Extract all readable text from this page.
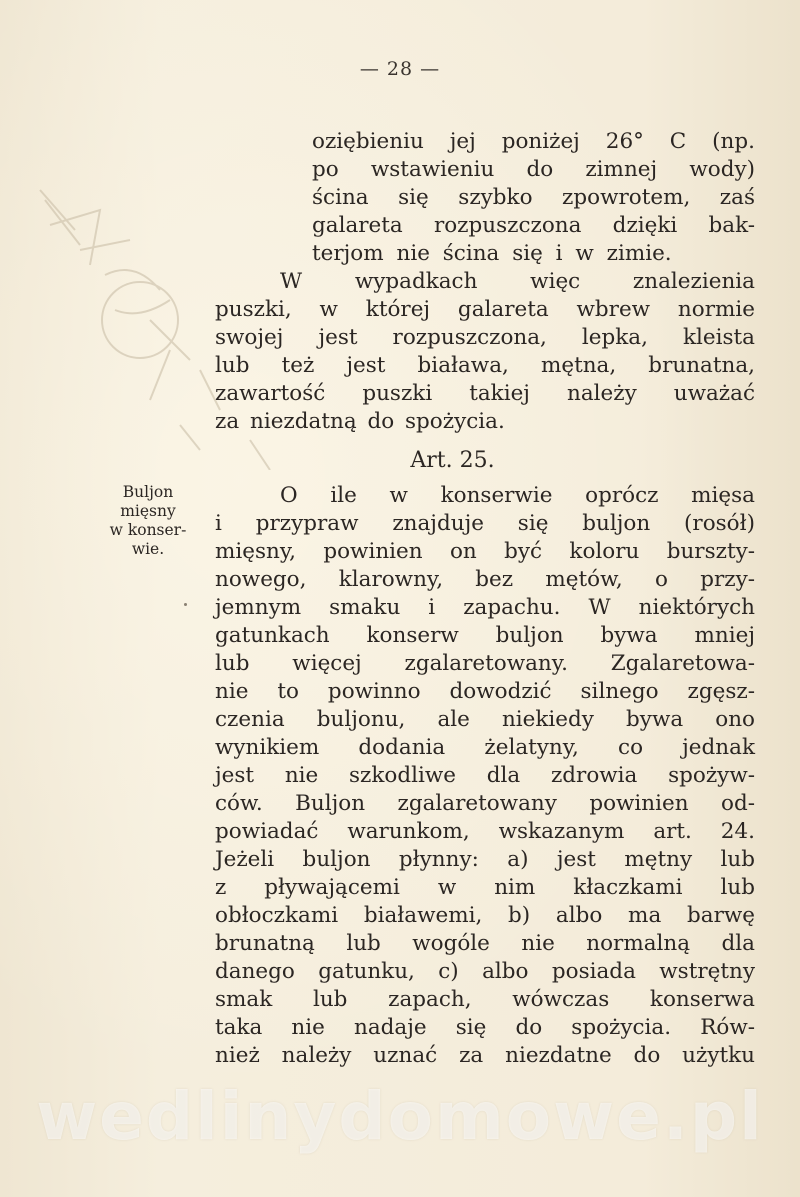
— 28 —
oziębieniu jej poniżej 26° C (np.
po wstawieniu do zimnej wody)
ścina się szybko zpowrotem, zaś
galareta rozpuszczona dzięki bak-
terjom nie ścina się i w zimie.
W wypadkach więc znalezienia
puszki, w której galareta wbrew normie
swojej jest rozpuszczona, lepka, kleista
lub też jest biaława, mętna, brunatna,
zawartość puszki takiej należy uważać
za niezdatną do spożycia.
Art. 25.
Buljon
mięsny
w konser-
wie.
O ile w konserwie oprócz mięsa
i przypraw znajduje się buljon (rosół)
mięsny, powinien on być koloru burszty-
nowego, klarowny, bez mętów, o przy-
jemnym smaku i zapachu. W niektórych
gatunkach konserw buljon bywa mniej
lub więcej zgalaretowany. Zgalaretowa-
nie to powinno dowodzić silnego zgęsz-
czenia buljonu, ale niekiedy bywa ono
wynikiem dodania żelatyny, co jednak
jest nie szkodliwe dla zdrowia spożyw-
ców. Buljon zgalaretowany powinien od-
powiadać warunkom, wskazanym art. 24.
Jeżeli buljon płynny: a) jest mętny lub
z pływającemi w nim kłaczkami lub
obłoczkami białawemi, b) albo ma barwę
brunatną lub wogóle nie normalną dla
danego gatunku, c) albo posiada wstrętny
smak lub zapach, wówczas konserwa
taka nie nadaje się do spożycia. Rów-
nież należy uznać za niezdatne do użytku
wedlinydomowe.pl
